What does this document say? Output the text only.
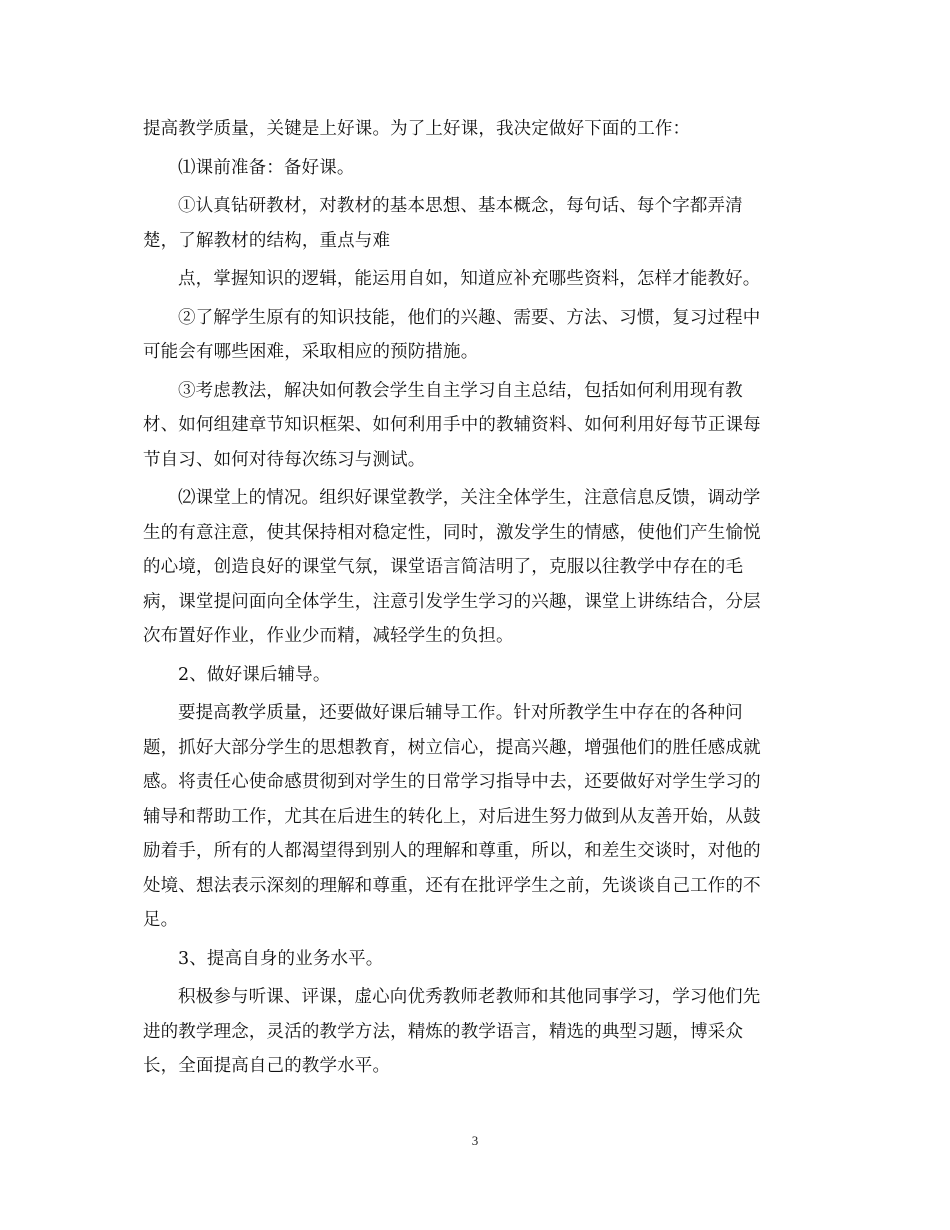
提高教学质量，关键是上好课。为了上好课，我决定做好下面的工作：
⑴课前准备：备好课。
①认真钻研教材，对教材的基本思想、基本概念，每句话、每个字都弄清
楚，了解教材的结构，重点与难
点，掌握知识的逻辑，能运用自如，知道应补充哪些资料，怎样才能教好。
②了解学生原有的知识技能，他们的兴趣、需要、方法、习惯，复习过程中
可能会有哪些困难，采取相应的预防措施。
③考虑教法，解决如何教会学生自主学习自主总结，包括如何利用现有教
材、如何组建章节知识框架、如何利用手中的教辅资料、如何利用好每节正课每
节自习、如何对待每次练习与测试。
⑵课堂上的情况。组织好课堂教学，关注全体学生，注意信息反馈，调动学
生的有意注意，使其保持相对稳定性，同时，激发学生的情感，使他们产生愉悦
的心境，创造良好的课堂气氛，课堂语言简洁明了，克服以往教学中存在的毛
病，课堂提问面向全体学生，注意引发学生学习的兴趣，课堂上讲练结合，分层
次布置好作业，作业少而精，减轻学生的负担。
2、做好课后辅导。
要提高教学质量，还要做好课后辅导工作。针对所教学生中存在的各种问
题，抓好大部分学生的思想教育，树立信心，提高兴趣，增强他们的胜任感成就
感。将责任心使命感贯彻到对学生的日常学习指导中去，还要做好对学生学习的
辅导和帮助工作，尤其在后进生的转化上，对后进生努力做到从友善开始，从鼓
励着手，所有的人都渴望得到别人的理解和尊重，所以，和差生交谈时，对他的
处境、想法表示深刻的理解和尊重，还有在批评学生之前，先谈谈自己工作的不
足。
3、提高自身的业务水平。
积极参与听课、评课，虚心向优秀教师老教师和其他同事学习，学习他们先
进的教学理念，灵活的教学方法，精炼的教学语言，精选的典型习题，博采众
长，全面提高自己的教学水平。
3
